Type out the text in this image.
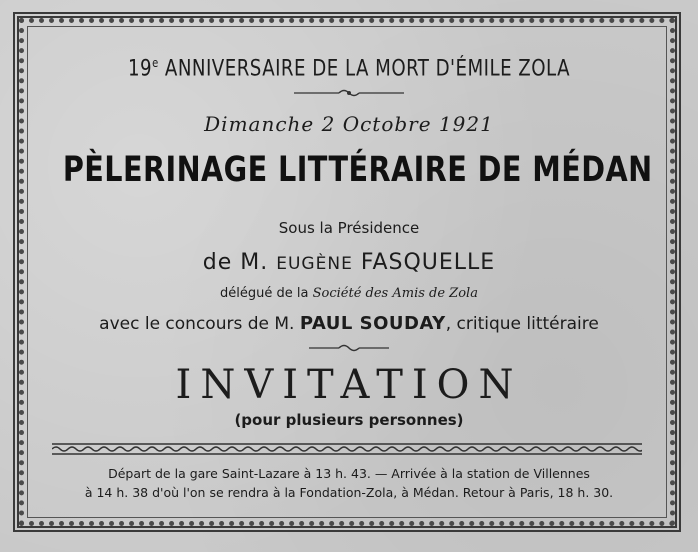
19e ANNIVERSAIRE DE LA MORT D'ÉMILE ZOLA
Dimanche 2 Octobre 1921
PÈLERINAGE LITTÉRAIRE DE MÉDAN
Sous la Présidence
de M. EUGÈNE FASQUELLE
délégué de la Société des Amis de Zola
avec le concours de M. PAUL SOUDAY, critique littéraire
INVITATION
(pour plusieurs personnes)
Départ de la gare Saint-Lazare à 13 h. 43. — Arrivée à la station de Villennes
à 14 h. 38 d'où l'on se rendra à la Fondation-Zola, à Médan. Retour à Paris, 18 h. 30.
